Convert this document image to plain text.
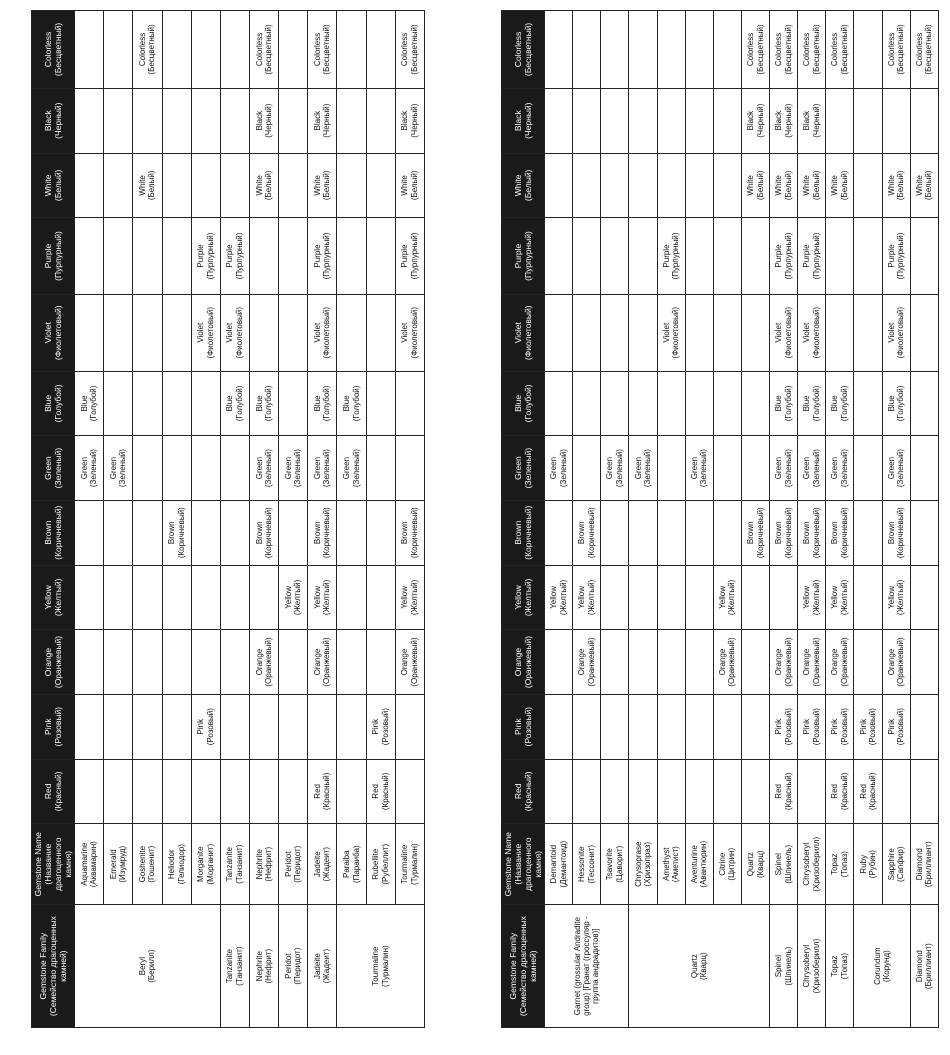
Gemstone Family (Семейство драгоценных камней)	Gemstone Name (Название драгоценного камня)	Red (Красный)	Pink (Розовый)	Orange (Оранжевый)	Yellow (Желтый)	Brown (Коричневый)	Green (Зеленый)	Blue (Голубой)	Violet (Фиолетовый)	Purple (Пурпурный)	White (Белый)	Black (Черный)	Colorless (Бесцветный)

Beryl (Берилл)	Aquamarine (Аквамарин)						Green (Зеленый)	Blue (Голубой)					

	Emerald (Изумруд)						Green (Зеленый)						

	Goshenite (Гошенит)										White (Белый)		Colorless (Бесцветный)

	Heliodor (Гелиодор)					Brown (Коричневый)							

	Morganite (Морганит)		Pink (Розовый)						Violet (Фиолетовый)	Purple (Пурпурный)			

Tanzanite (Танзанит)	Tanzanite (Танзанит)							Blue (Голубой)	Violet (Фиолетовый)	Purple (Пурпурный)			

Nephrite (Нефрит)	Nephrite (Нефрит)			Orange (Оранжевый)		Brown (Коричневый)	Green (Зеленый)	Blue (Голубой)			White (Белый)	Black (Черный)	Colorless (Бесцветный)

Peridot (Перидот)	Peridot (Перидот)				Yellow (Желтый)		Green (Зеленый)						

Jadeite (Жадеит)	Jadeite (Жадеит)	Red (Красный)		Orange (Оранжевый)	Yellow (Желтый)	Brown (Коричневый)	Green (Зеленый)	Blue (Голубой)	Violet (Фиолетовый)	Purple (Пурпурный)	White (Белый)	Black (Черный)	Colorless (Бесцветный)

Tourmaline (Турмалин)	Paraiba (Параиба)						Green (Зеленый)	Blue (Голубой)					

	Rubellite (Рубеллит)	Red (Красный)	Pink (Розовый)										

	Tourmaline (Турмалин)			Orange (Оранжевый)	Yellow (Желтый)	Brown (Коричневый)			Violet (Фиолетовый)	Purple (Пурпурный)	White (Белый)	Black (Черный)	Colorless (Бесцветный)
Gemstone Family (Семейство драгоценных камней)	Gemstone Name (Название драгоценного камня)	Red (Красный)	Pink (Розовый)	Orange (Оранжевый)	Yellow (Желтый)	Brown (Коричневый)	Green (Зеленый)	Blue (Голубой)	Violet (Фиолетовый)	Purple (Пурпурный)	White (Белый)	Black (Черный)	Colorless (Бесцветный)

Garnet (grossular Andradite group) [Гранат (гроссуляр - группа андрадитов)]	Demantoid (Демантоид)				Yellow (Желтый)		Green (Зеленый)						

	Hessonite (Гессонит)			Orange (Оранжевый)	Yellow (Желтый)	Brown (Коричневый)							

	Tsavorite (Цаворит)						Green (Зеленый)						

Quartz (Кварц)	Chrysoprase (Хризопраз)						Green (Зеленый)						

	Amethyst (Аметист)								Violet (Фиолетовый)	Purple (Пурпурный)			

	Aventurine (Авантюрин)						Green (Зеленый)						

	Citrine (Цитрин)			Orange (Оранжевый)	Yellow (Желтый)								

	Quartz (Кварц)					Brown (Коричневый)					White (Белый)	Black (Черный)	Colorless (Бесцветный)

Spinel (Шпинель)	Spinel (Шпинель)	Red (Красный)	Pink (Розовый)	Orange (Оранжевый)		Brown (Коричневый)	Green (Зеленый)	Blue (Голубой)	Violet (Фиолетовый)	Purple (Пурпурный)	White (Белый)	Black (Черный)	Colorless (Бесцветный)

Chrysoberyl (Хризоберилл)	Chrysoberyl (Хризоберилл)		Pink (Розовый)	Orange (Оранжевый)	Yellow (Желтый)	Brown (Коричневый)	Green (Зеленый)	Blue (Голубой)	Violet (Фиолетовый)	Purple (Пурпурный)	White (Белый)	Black (Черный)	Colorless (Бесцветный)

Topaz (Топаз)	Topaz (Топаз)	Red (Красный)	Pink (Розовый)	Orange (Оранжевый)	Yellow (Желтый)	Brown (Коричневый)	Green (Зеленый)	Blue (Голубой)			White (Белый)		Colorless (Бесцветный)

Corundum (Корунд)	Ruby (Рубин)	Red (Красный)	Pink (Розовый)										

	Sapphire (Сапфир)		Pink (Розовый)	Orange (Оранжевый)	Yellow (Желтый)	Brown (Коричневый)	Green (Зеленый)	Blue (Голубой)	Violet (Фиолетовый)	Purple (Пурпурный)	White (Белый)		Colorless (Бесцветный)

Diamond (Бриллиант)	Diamond (Бриллиант)										White (Белый)		Colorless (Бесцветный)
